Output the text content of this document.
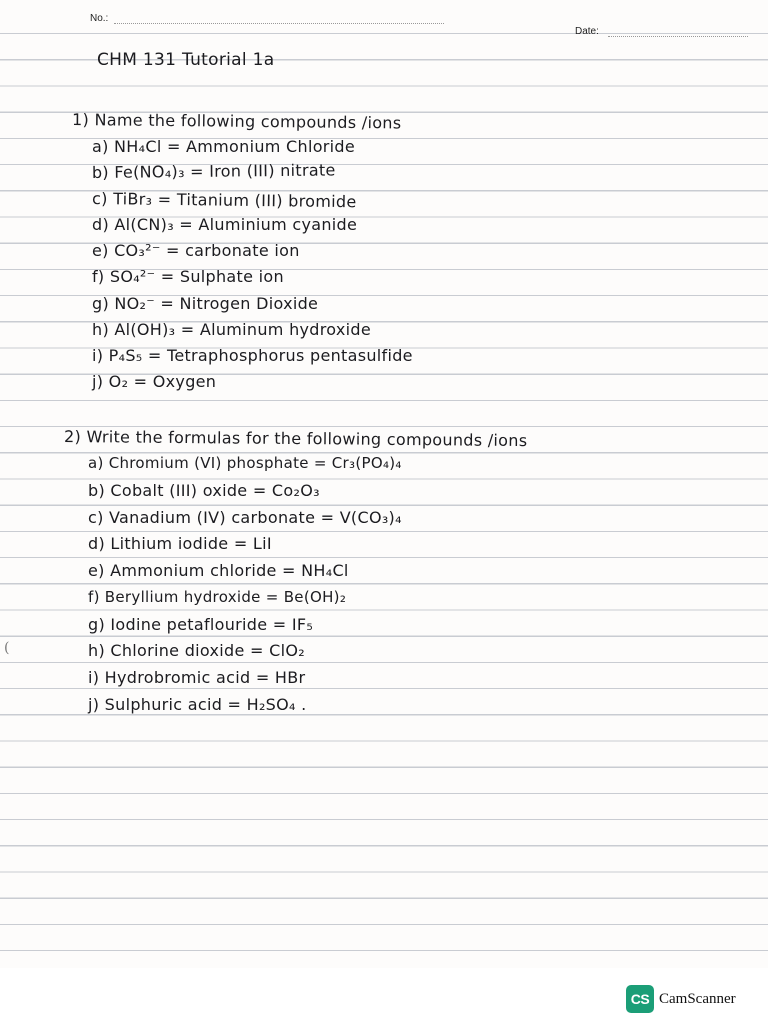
No.:
Date:
CHM 131 Tutorial 1a
1) Name the following compounds /ions
a) NH₄Cl = Ammonium Chloride
b) Fe(NO₄)₃ = Iron (III) nitrate
c) TiBr₃ = Titanium (III) bromide
d) Al(CN)₃ = Aluminium cyanide
e) CO₃²⁻ = carbonate ion
f) SO₄²⁻ = Sulphate ion
g) NO₂⁻ = Nitrogen Dioxide
h) Al(OH)₃ = Aluminum hydroxide
i) P₄S₅ = Tetraphosphorus pentasulfide
j) O₂ = Oxygen
2) Write the formulas for the following compounds /ions
a) Chromium (VI) phosphate = Cr₃(PO₄)₄
b) Cobalt (III) oxide = Co₂O₃
c) Vanadium (IV) carbonate = V(CO₃)₄
d) Lithium iodide = LiI
e) Ammonium chloride = NH₄Cl
f) Beryllium hydroxide = Be(OH)₂
g) Iodine petaflouride = IF₅
h) Chlorine dioxide = ClO₂
i) Hydrobromic acid = HBr
j) Sulphuric acid = H₂SO₄ .
(
CS CamScanner
